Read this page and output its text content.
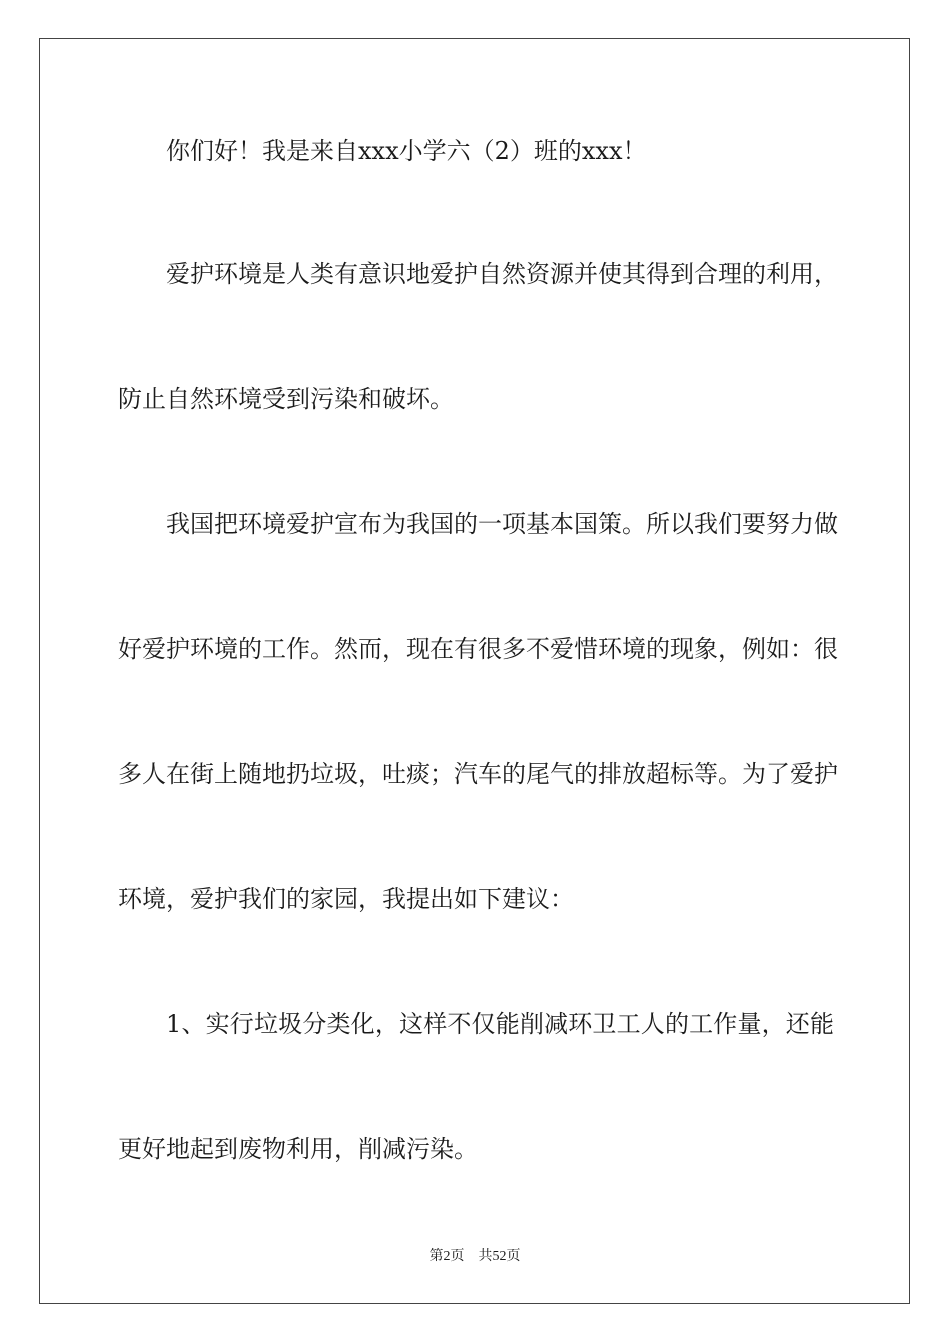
你们好！我是来自xxx小学六（2）班的xxx！
爱护环境是人类有意识地爱护自然资源并使其得到合理的利用，
防止自然环境受到污染和破坏。
我国把环境爱护宣布为我国的一项基本国策。所以我们要努力做
好爱护环境的工作。然而，现在有很多不爱惜环境的现象，例如：很
多人在街上随地扔垃圾，吐痰；汽车的尾气的排放超标等。为了爱护
环境，爱护我们的家园，我提出如下建议：
1、实行垃圾分类化，这样不仅能削减环卫工人的工作量，还能
更好地起到废物利用，削减污染。
第2页 共52页
